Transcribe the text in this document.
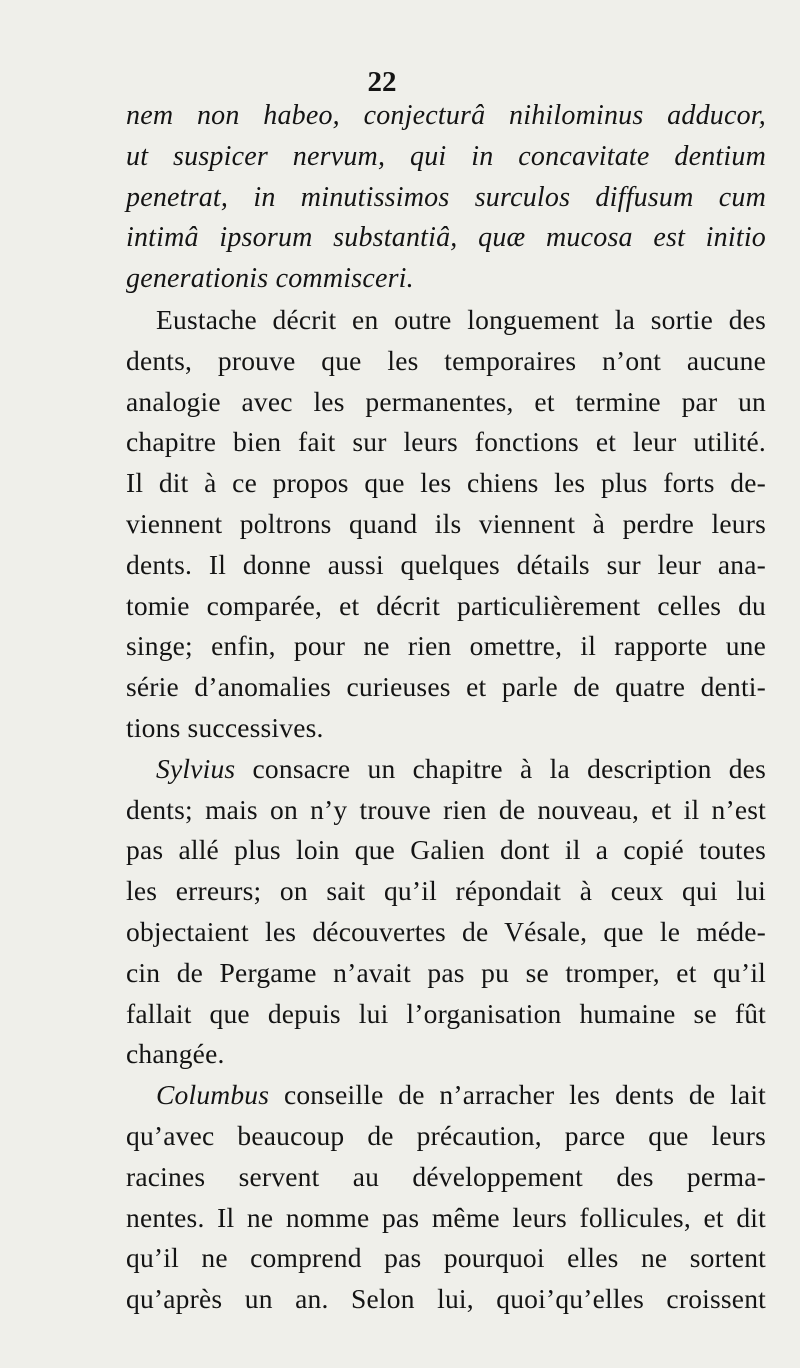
22
nem non habeo, conjecturâ nihilominus adducor,
ut suspicer nervum, qui in concavitate dentium
penetrat, in minutissimos surculos diffusum cum
intimâ ipsorum substantiâ, quæ mucosa est initio
generationis commisceri.
Eustache décrit en outre longuement la sortie des
dents, prouve que les temporaires n’ont aucune
analogie avec les permanentes, et termine par un
chapitre bien fait sur leurs fonctions et leur utilité.
Il dit à ce propos que les chiens les plus forts de-
viennent poltrons quand ils viennent à perdre leurs
dents. Il donne aussi quelques détails sur leur ana-
tomie comparée, et décrit particulièrement celles du
singe; enfin, pour ne rien omettre, il rapporte une
série d’anomalies curieuses et parle de quatre denti-
tions successives.
Sylvius consacre un chapitre à la description des
dents; mais on n’y trouve rien de nouveau, et il n’est
pas allé plus loin que Galien dont il a copié toutes
les erreurs; on sait qu’il répondait à ceux qui lui
objectaient les découvertes de Vésale, que le méde-
cin de Pergame n’avait pas pu se tromper, et qu’il
fallait que depuis lui l’organisation humaine se fût
changée.
Columbus conseille de n’arracher les dents de lait
qu’avec beaucoup de précaution, parce que leurs
racines servent au développement des perma-
nentes. Il ne nomme pas même leurs follicules, et dit
qu’il ne comprend pas pourquoi elles ne sortent
qu’après un an. Selon lui, quoi’qu’elles croissent
